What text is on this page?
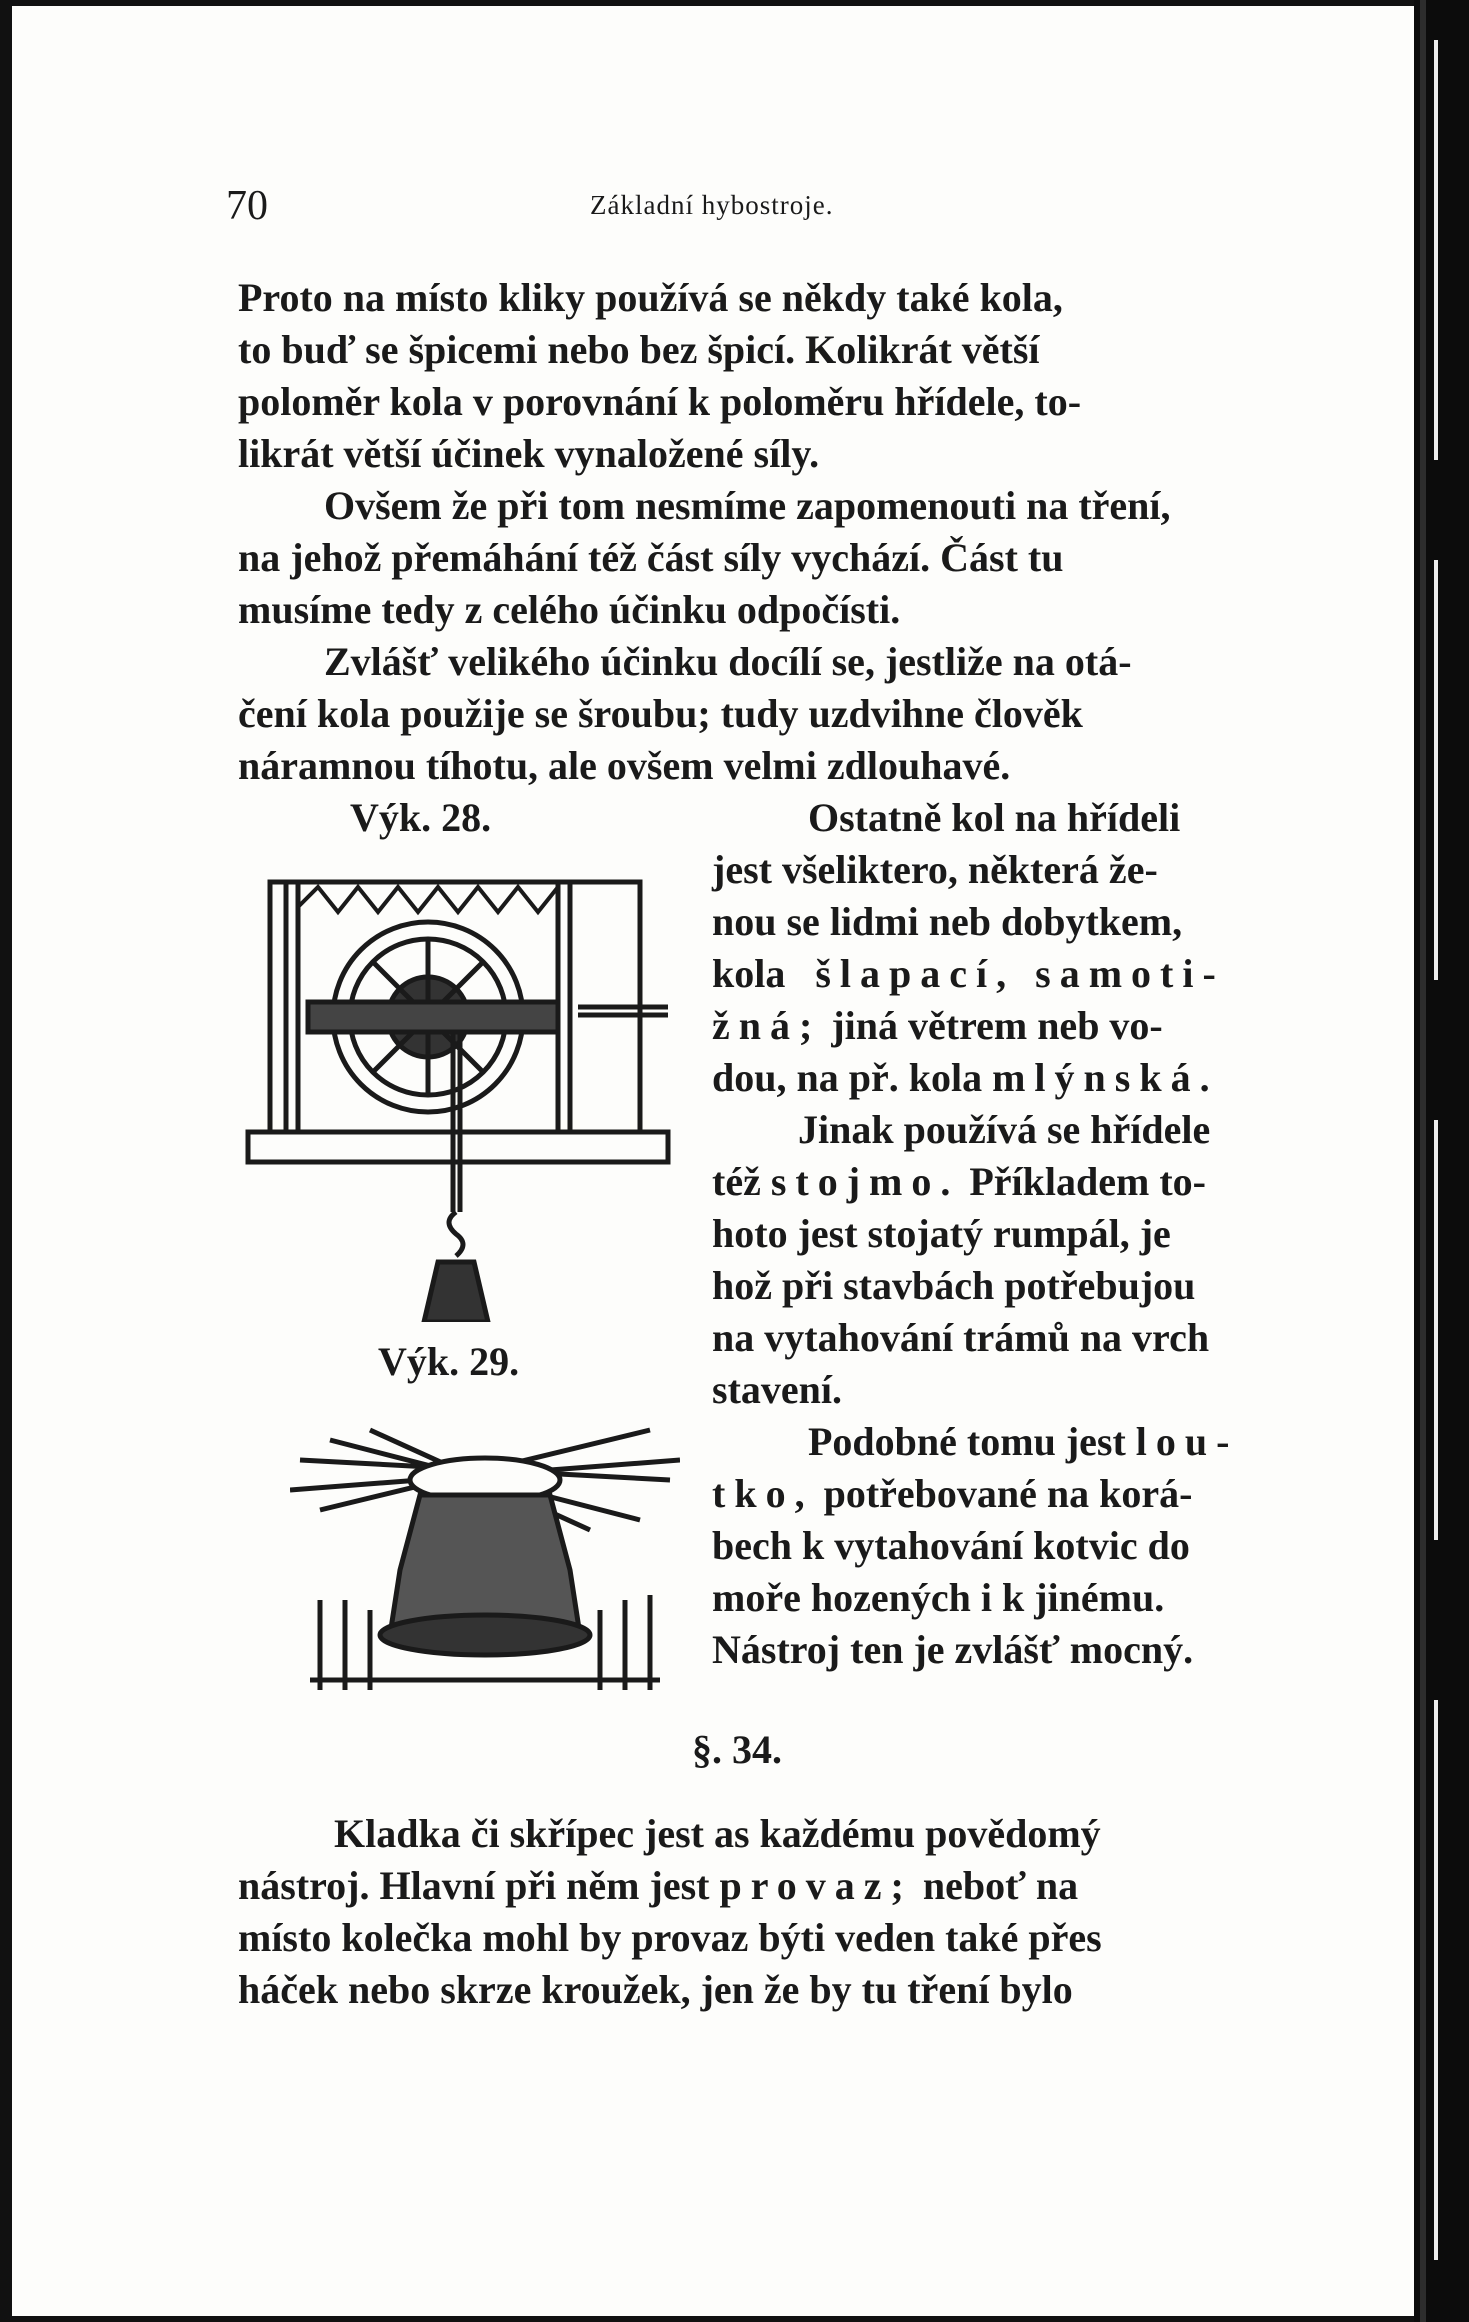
70	Základní hybostroje.

Proto na místo kliky používá se někdy také kola,
to buď se špicemi nebo bez špicí. Kolikrát větší
poloměr kola v porovnání k poloměru hřídele, to-
likrát větší účinek vynaložené síly.

Ovšem že při tom nesmíme zapomenouti na tření,
na jehož přemáhání též část síly vychází. Část tu
musíme tedy z celého účinku odpočísti.

Zvlášť velikého účinku docílí se, jestliže na otá-
čení kola použije se šroubu; tudy uzdvihne člověk
náramnou tíhotu, ale ovšem velmi zdlouhavé.

Výk. 28.
Výk. 29.

Ostatně kol na hřídeli
jest všeliktero, některá že-
nou se lidmi neb dobytkem,
kola šlapací, samoti-
žná; jiná větrem neb vo-
dou, na př. kola mlýnská.

Jinak používá se hřídele
též stojmo. Příkladem to-
hoto jest stojatý rumpál, je
hož při stavbách potřebujou
na vytahování trámů na vrch
stavení.

Podobné tomu jest lou-
tko, potřebované na korá-
bech k vytahování kotvic do
moře hozených i k jinému.
Nástroj ten je zvlášť mocný.

§. 34.

Kladka či skřípec jest as každému povědomý
nástroj. Hlavní při něm jest provaz; neboť na
místo kolečka mohl by provaz býti veden také přes
háček nebo skrze kroužek, jen že by tu tření bylo
